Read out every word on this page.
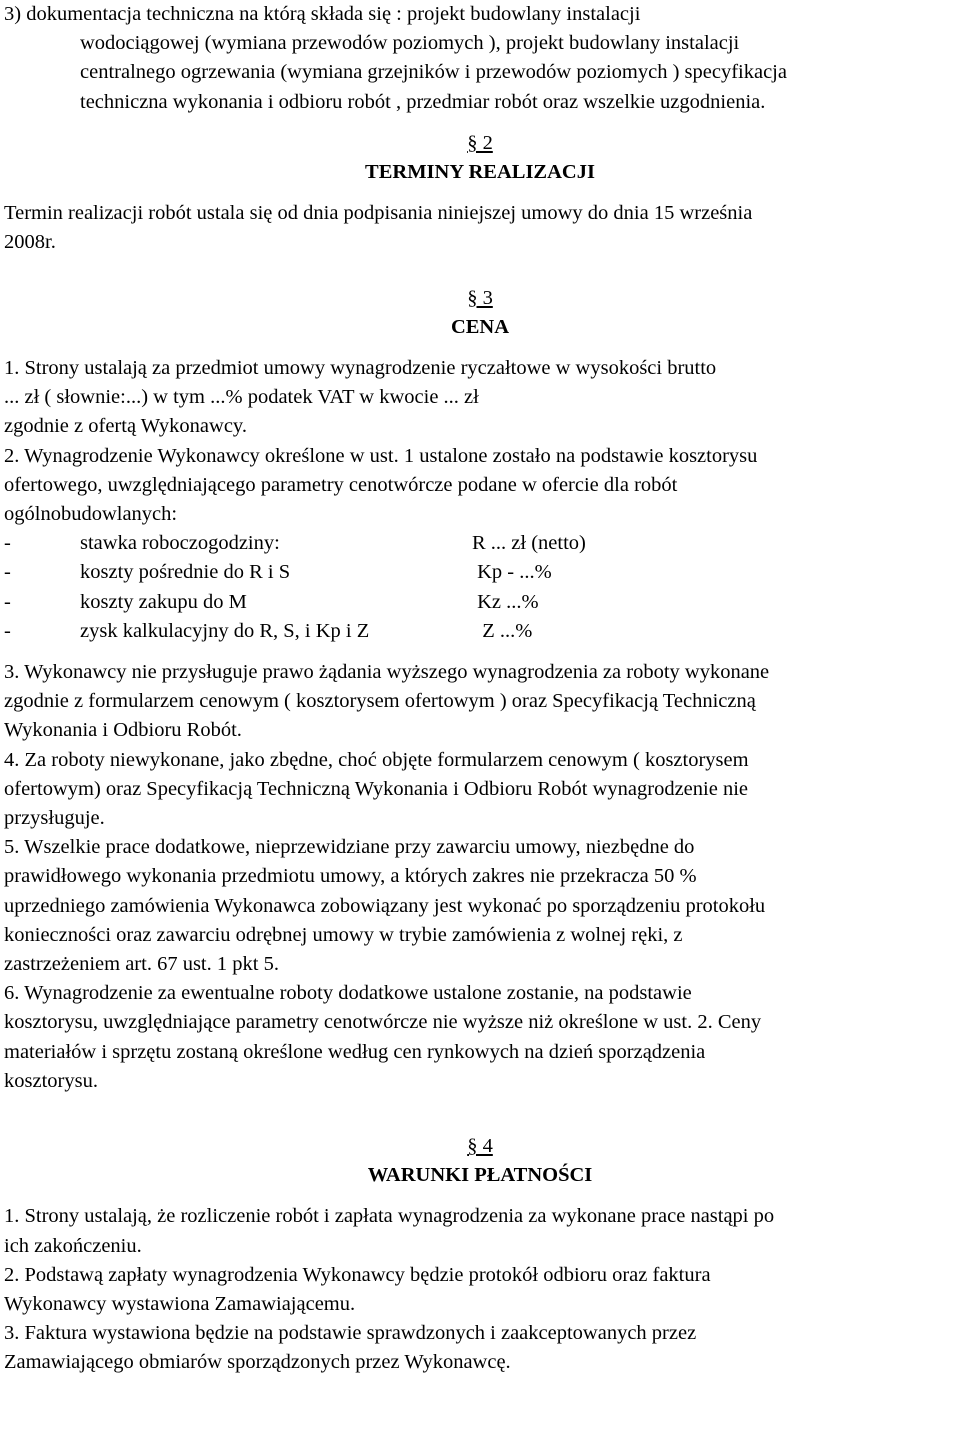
3) dokumentacja techniczna na którą składa się : projekt budowlany instalacji

wodociągowej (wymiana przewodów poziomych ), projekt budowlany instalacji

centralnego ogrzewania (wymiana grzejników i przewodów poziomych ) specyfikacja

techniczna wykonania i odbioru robót , przedmiar robót oraz wszelkie uzgodnienia.

§ 2

TERMINY REALIZACJI

Termin realizacji robót ustala się od dnia podpisania niniejszej umowy do dnia 15 września

2008r.

§ 3

CENA

1. Strony ustalają za przedmiot umowy wynagrodzenie ryczałtowe w wysokości brutto

... zł ( słownie:...) w tym ...% podatek VAT w kwocie ... zł

zgodnie z ofertą Wykonawcy.

2. Wynagrodzenie Wykonawcy określone w ust. 1 ustalone zostało na podstawie kosztorysu

ofertowego, uwzględniającego parametry cenotwórcze podane w ofercie dla robót

ogólnobudowlanych:

-	stawka roboczogodziny:	R ... zł (netto)
-	koszty pośrednie do R i S	Kp - ...%
-	koszty zakupu do M	Kz ...%
-	zysk kalkulacyjny do R, S, i Kp i Z	Z ...%

3. Wykonawcy nie przysługuje prawo żądania wyższego wynagrodzenia za roboty wykonane

zgodnie z formularzem cenowym ( kosztorysem ofertowym ) oraz Specyfikacją Techniczną

Wykonania i Odbioru Robót.

4. Za roboty niewykonane, jako zbędne, choć objęte formularzem cenowym ( kosztorysem

ofertowym) oraz Specyfikacją Techniczną Wykonania i Odbioru Robót wynagrodzenie nie

przysługuje.

5. Wszelkie prace dodatkowe, nieprzewidziane przy zawarciu umowy, niezbędne do

prawidłowego wykonania przedmiotu umowy, a których zakres nie przekracza 50 %

uprzedniego zamówienia Wykonawca zobowiązany jest wykonać po sporządzeniu protokołu

konieczności oraz zawarciu odrębnej umowy w trybie zamówienia z wolnej ręki, z

zastrzeżeniem art. 67 ust. 1 pkt 5.

6. Wynagrodzenie za ewentualne roboty dodatkowe ustalone zostanie, na podstawie

kosztorysu, uwzględniające parametry cenotwórcze nie wyższe niż określone w ust. 2. Ceny

materiałów i sprzętu zostaną określone według cen rynkowych na dzień sporządzenia

kosztorysu.

§ 4

WARUNKI PŁATNOŚCI

1. Strony ustalają, że rozliczenie robót i zapłata wynagrodzenia za wykonane prace nastąpi po

ich zakończeniu.

2. Podstawą zapłaty wynagrodzenia Wykonawcy będzie protokół odbioru oraz faktura

Wykonawcy wystawiona Zamawiającemu.

3. Faktura wystawiona będzie na podstawie sprawdzonych i zaakceptowanych przez

Zamawiającego obmiarów sporządzonych przez Wykonawcę.
